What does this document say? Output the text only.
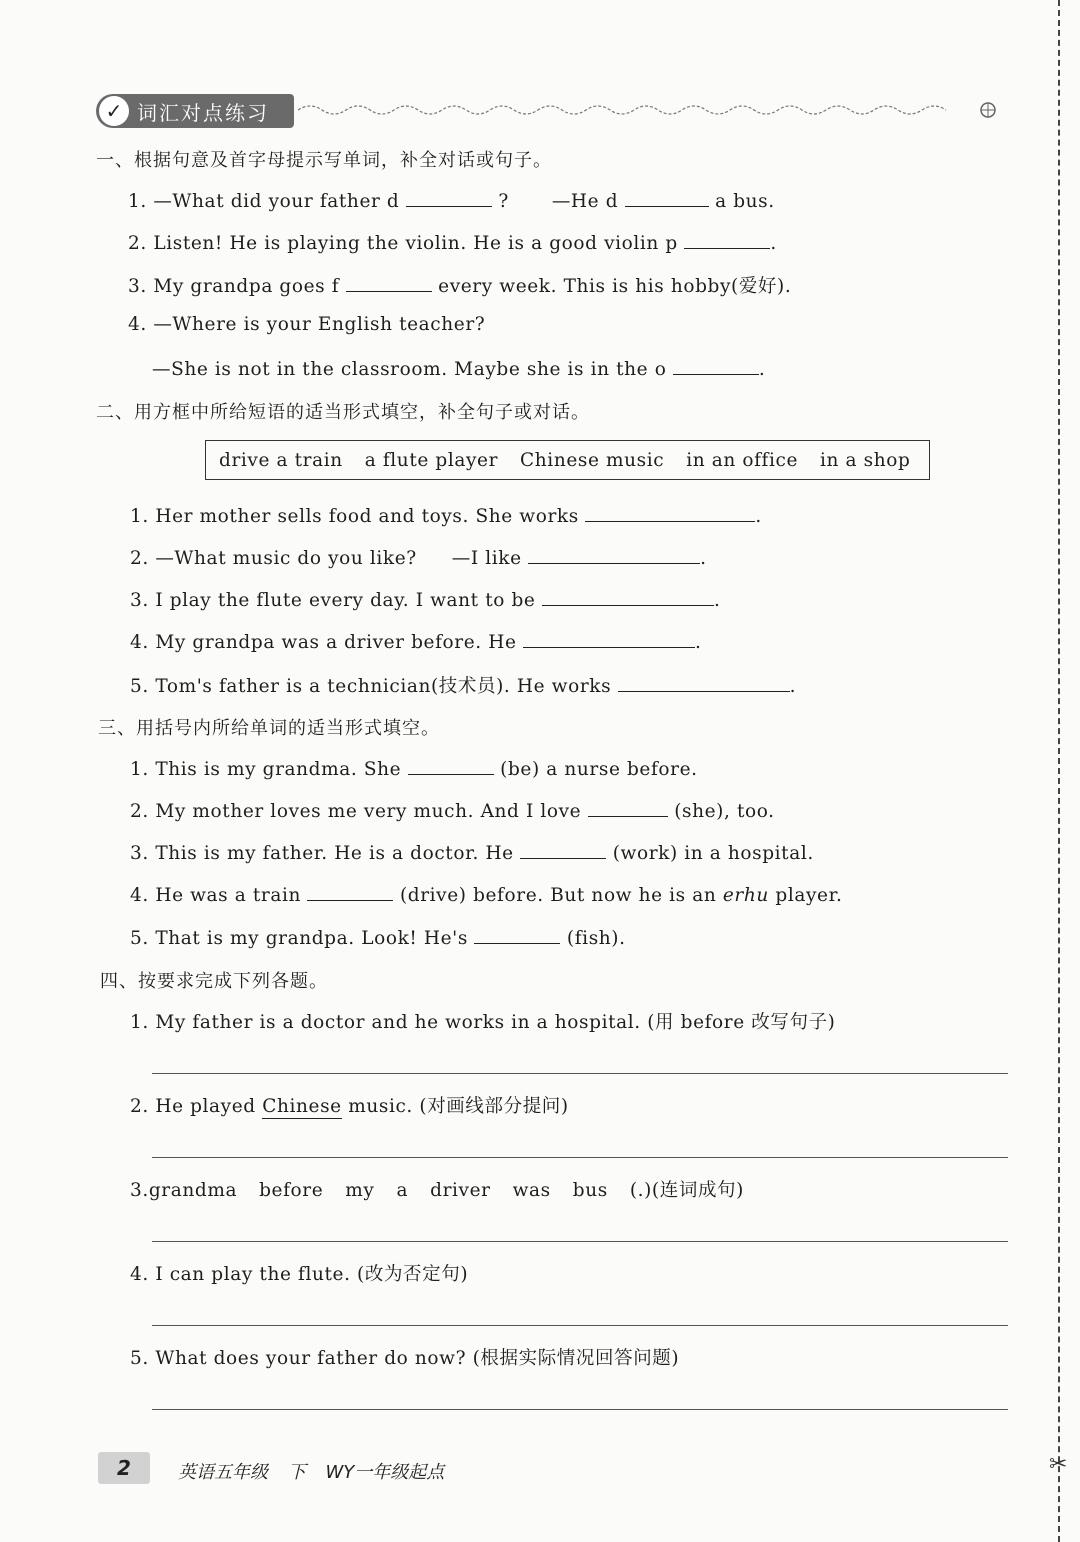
✂
✓ 词汇对点练习
一、根据句意及首字母提示写单词，补全对话或句子。
1. —What did your father d	? —He d	a bus.
2. Listen! He is playing the violin. He is a good violin p	.
3. My grandpa goes f	every week. This is his hobby(爱好).
4. —Where is your English teacher?
—She is not in the classroom. Maybe she is in the o	.
二、用方框中所给短语的适当形式填空，补全句子或对话。
drive a train a flute player Chinese music in an office in a shop
1. Her mother sells food and toys. She works	.
2. —What music do you like? —I like	.
3. I play the flute every day. I want to be	.
4. My grandpa was a driver before. He	.
5. Tom's father is a technician(技术员). He works	.
三、用括号内所给单词的适当形式填空。
1. This is my grandma. She	(be) a nurse before.
2. My mother loves me very much. And I love	(she), too.
3. This is my father. He is a doctor. He	(work) in a hospital.
4. He was a train	(drive) before. But now he is an erhu player.
5. That is my grandpa. Look! He's	(fish).
四、按要求完成下列各题。
1. My father is a doctor and he works in a hospital. (用 before 改写句子)
2. He played Chinese music. (对画线部分提问)
3.grandma before my a driver was bus (.)(连词成句)
4. I can play the flute. (改为否定句)
5. What does your father do now? (根据实际情况回答问题)
2	英语五年级 下 WY一年级起点
